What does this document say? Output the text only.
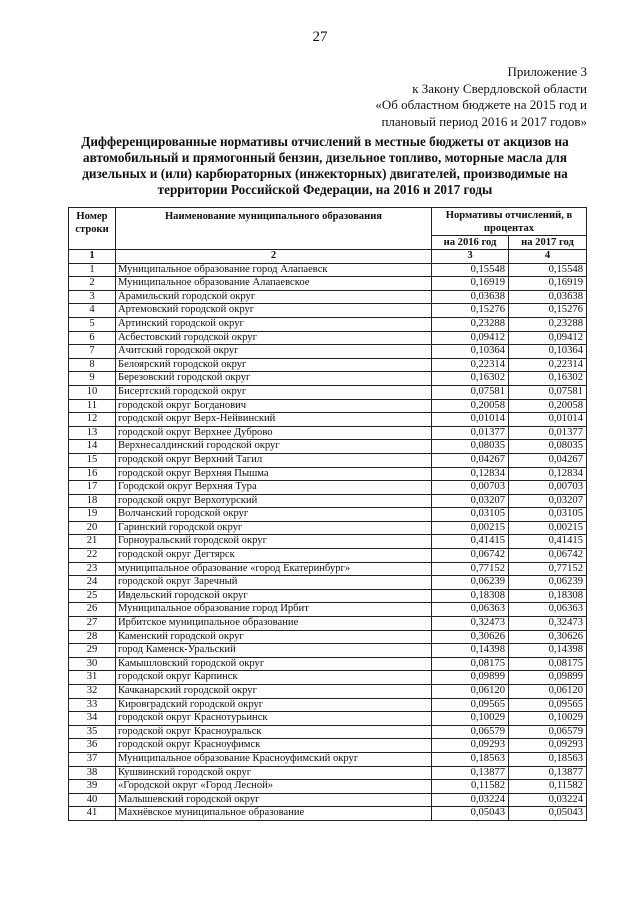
27
Приложение 3
к Закону Свердловской области
«Об областном бюджете на 2015 год и
плановый период 2016 и 2017 годов»
Дифференцированные нормативы отчислений в местные бюджеты от акцизов на автомобильный и прямогонный бензин, дизельное топливо, моторные масла для дизельных и (или) карбюраторных (инжекторных) двигателей, производимые на территории Российской Федерации, на 2016 и 2017 годы
Номер строки	Наименование муниципального образования	Нормативы отчислений, в процентах	
		на 2016 год	на 2017 год
1	2	3	4
1	Муниципальное образование город Алапаевск	0,15548	0,15548
2	Муниципальное образование Алапаевское	0,16919	0,16919
3	Арамильский городской округ	0,03638	0,03638
4	Артемовский городской округ	0,15276	0,15276
5	Артинский городской округ	0,23288	0,23288
6	Асбестовский городской округ	0,09412	0,09412
7	Ачитский городской округ	0,10364	0,10364
8	Белоярский городской округ	0,22314	0,22314
9	Березовский городской округ	0,16302	0,16302
10	Бисертский городской округ	0,07581	0,07581
11	городской округ Богданович	0,20058	0,20058
12	городской округ Верх-Нейвинский	0,01014	0,01014
13	городской округ Верхнее Дуброво	0,01377	0,01377
14	Верхнесалдинский городской округ	0,08035	0,08035
15	городской округ Верхний Тагил	0,04267	0,04267
16	городской округ Верхняя Пышма	0,12834	0,12834
17	Городской округ Верхняя Тура	0,00703	0,00703
18	городской округ Верхотурский	0,03207	0,03207
19	Волчанский городской округ	0,03105	0,03105
20	Гаринский городской округ	0,00215	0,00215
21	Горноуральский городской округ	0,41415	0,41415
22	городской округ Дегтярск	0,06742	0,06742
23	муниципальное образование «город Екатеринбург»	0,77152	0,77152
24	городской округ Заречный	0,06239	0,06239
25	Ивдельский городской округ	0,18308	0,18308
26	Муниципальное образование город Ирбит	0,06363	0,06363
27	Ирбитское муниципальное образование	0,32473	0,32473
28	Каменский городской округ	0,30626	0,30626
29	город Каменск-Уральский	0,14398	0,14398
30	Камышловский городской округ	0,08175	0,08175
31	городской округ Карпинск	0,09899	0,09899
32	Качканарский городской округ	0,06120	0,06120
33	Кировградский городской округ	0,09565	0,09565
34	городской округ Краснотурьинск	0,10029	0,10029
35	городской округ Красноуральск	0,06579	0,06579
36	городской округ Красноуфимск	0,09293	0,09293
37	Муниципальное образование Красноуфимский округ	0,18563	0,18563
38	Кушвинский городской округ	0,13877	0,13877
39	«Городской округ «Город Лесной»	0,11582	0,11582
40	Малышевский городской округ	0,03224	0,03224
41	Махнёвское муниципальное образование	0,05043	0,05043
